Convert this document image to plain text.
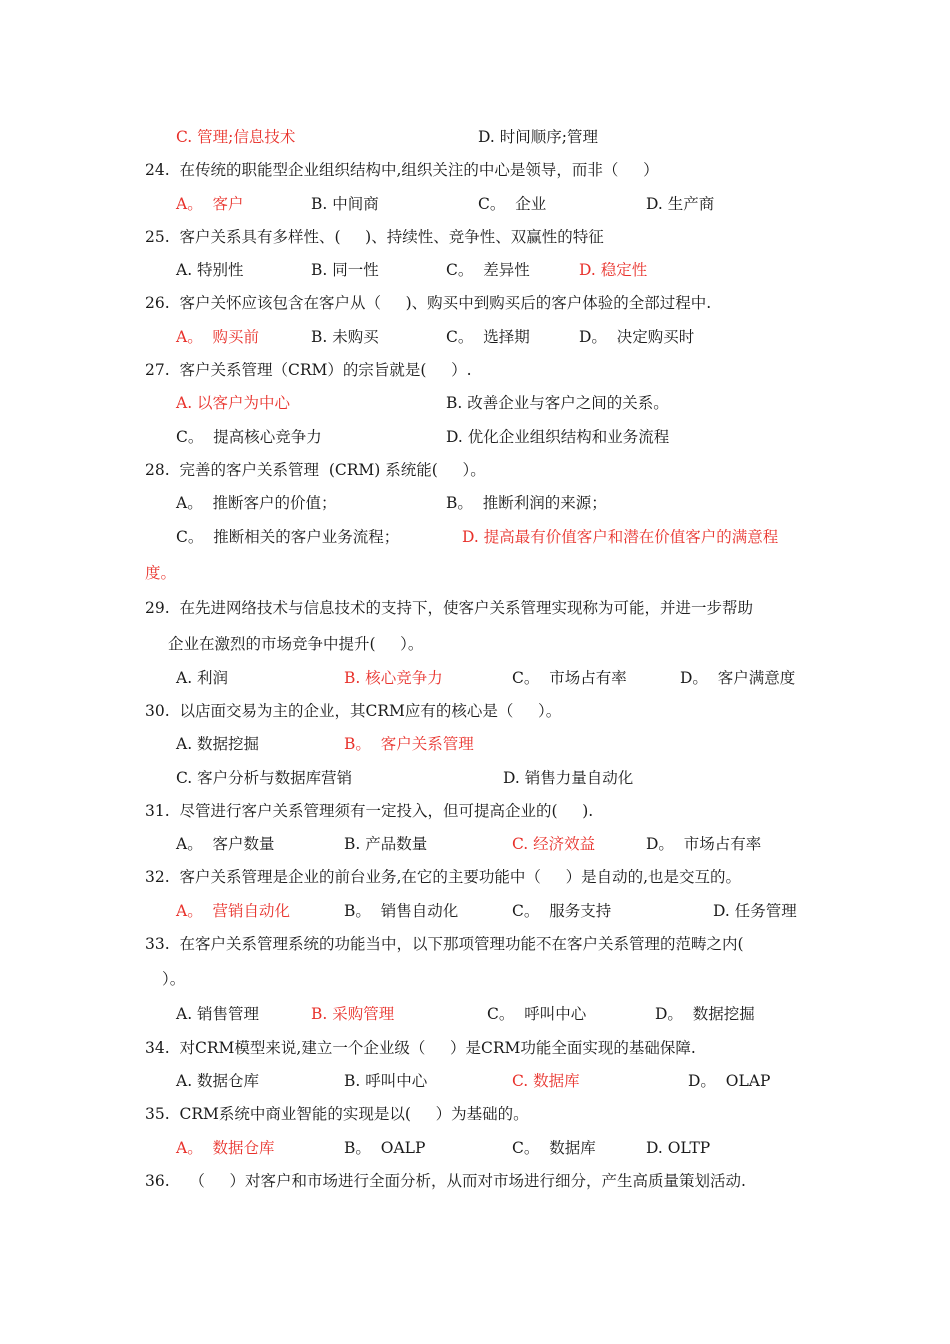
C. 管理;信息技术	D. 时间顺序;管理
24.  在传统的职能型企业组织结构中,组织关注的中心是领导，而非（     ）
A。  客户	B. 中间商	C。  企业	D. 生产商
25.  客户关系具有多样性、(     )、持续性、竞争性、双赢性的特征
A. 特别性	B. 同一性	C。  差异性	D. 稳定性
26.  客户关怀应该包含在客户从（     )、购买中到购买后的客户体验的全部过程中.
A。  购买前	B. 未购买	C。  选择期	D。  决定购买时
27.  客户关系管理（CRM）的宗旨就是(     ）.
A. 以客户为中心	B. 改善企业与客户之间的关系。
C。  提高核心竞争力	D. 优化企业组织结构和业务流程
28.  完善的客户关系管理  (CRM) 系统能(     ）。
A。  推断客户的价值；	B。  推断利润的来源；
C。  推断相关的客户业务流程；	D. 提高最有价值客户和潜在价值客户的满意程
度。
29.  在先进网络技术与信息技术的支持下，使客户关系管理实现称为可能，并进一步帮助
企业在激烈的市场竞争中提升(     ）。
A. 利润	B. 核心竞争力	C。  市场占有率	D。  客户满意度
30.  以店面交易为主的企业，其CRM应有的核心是（     ）。
A. 数据挖掘	B。  客户关系管理
C. 客户分析与数据库营销	D. 销售力量自动化
31.  尽管进行客户关系管理须有一定投入，但可提高企业的(     ).
A。  客户数量	B. 产品数量	C. 经济效益	D。  市场占有率
32.  客户关系管理是企业的前台业务,在它的主要功能中（     ）是自动的,也是交互的。
A。  营销自动化	B。  销售自动化	C。  服务支持	D. 任务管理
33.  在客户关系管理系统的功能当中，以下那项管理功能不在客户关系管理的范畴之内(
）。
A. 销售管理	B. 采购管理	C。  呼叫中心	D。  数据挖掘
34.  对CRM模型来说,建立一个企业级（     ）是CRM功能全面实现的基础保障.
A. 数据仓库	B. 呼叫中心	C. 数据库	D。  OLAP
35.  CRM系统中商业智能的实现是以(     ）为基础的。
A。  数据仓库	B。  OALP	C。  数据库	D. OLTP
36.    （     ）对客户和市场进行全面分析，从而对市场进行细分，产生高质量策划活动.
